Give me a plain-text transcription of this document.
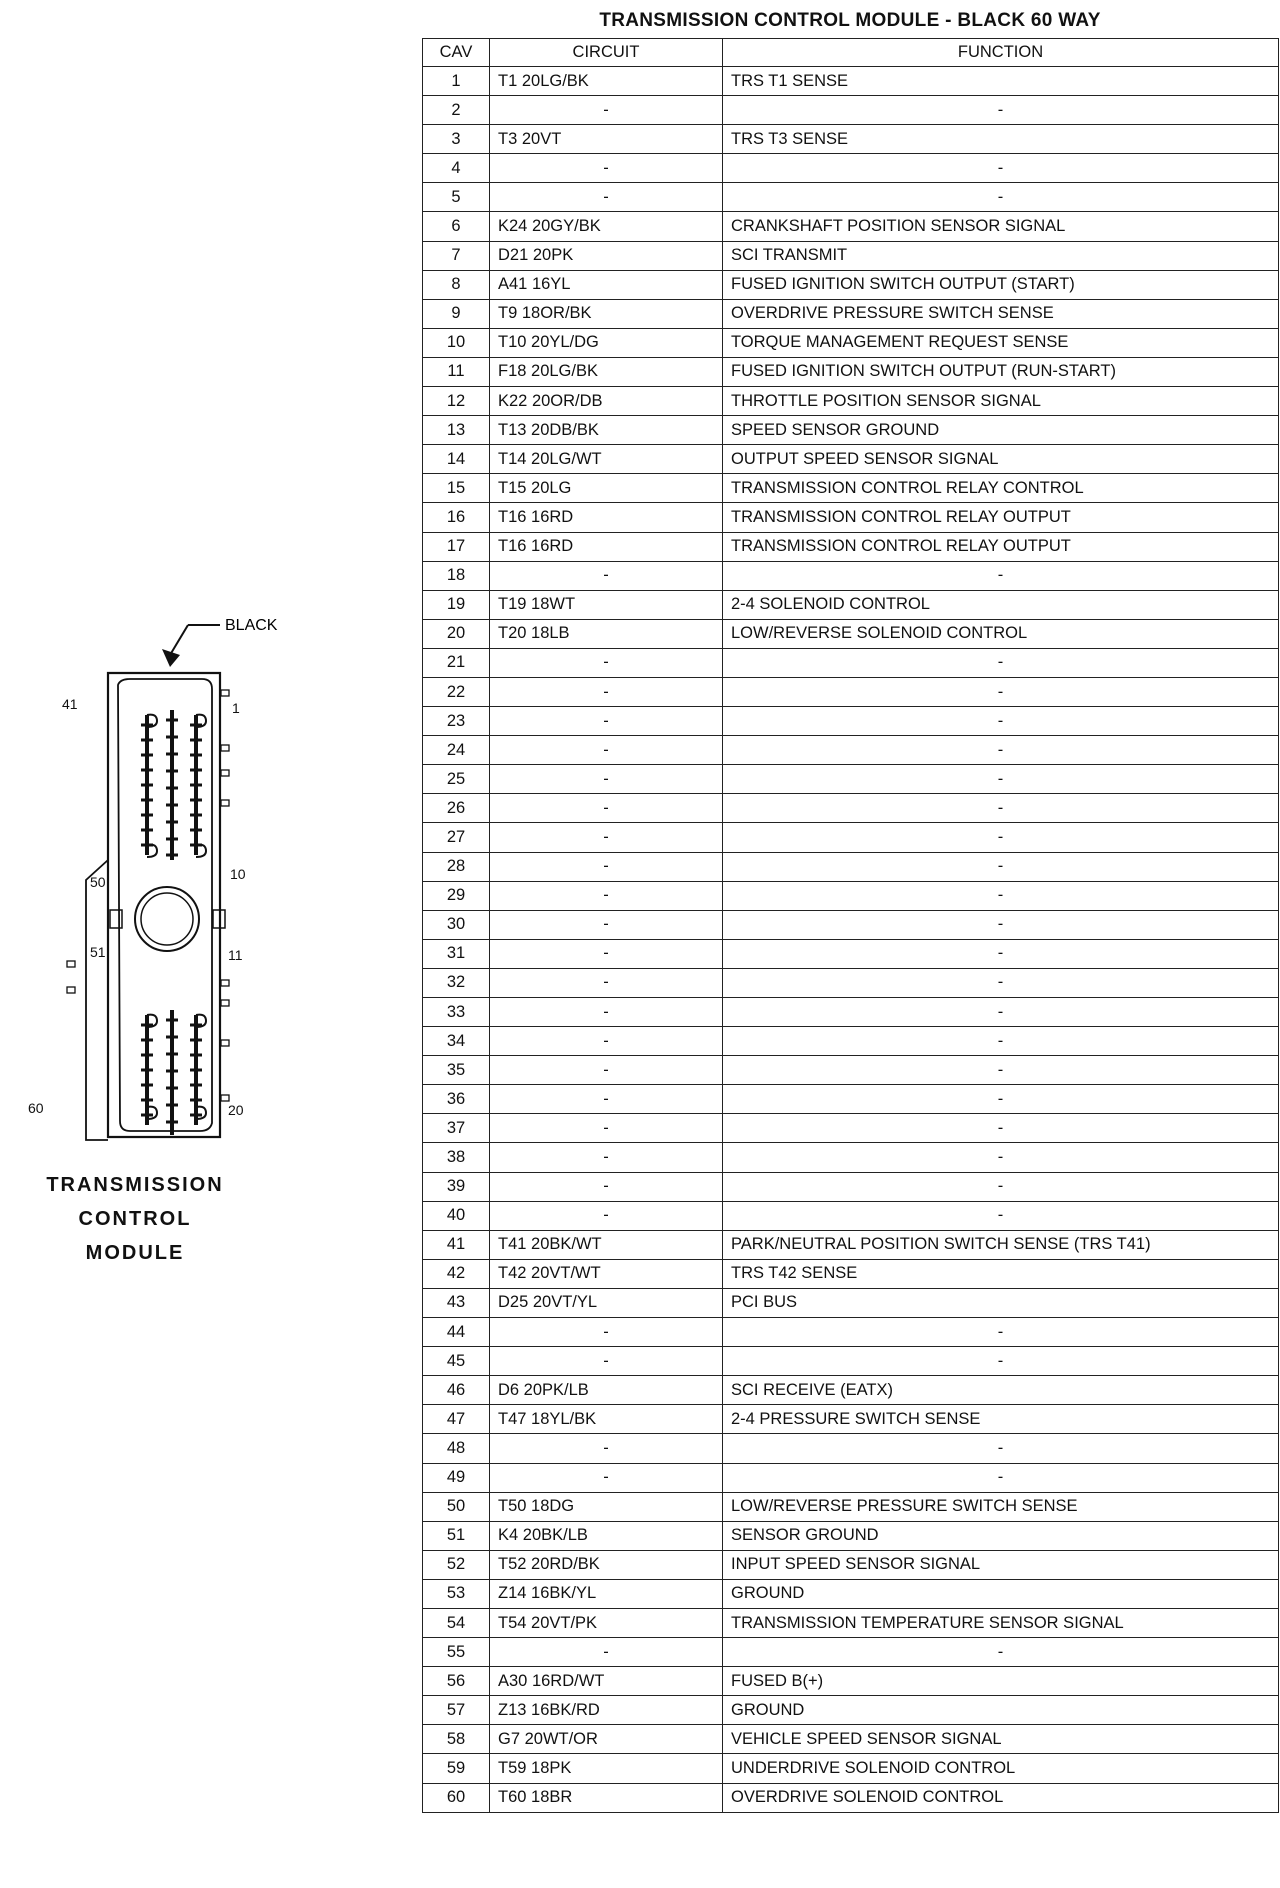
TRANSMISSION CONTROL MODULE - BLACK 60 WAY
CAV	CIRCUIT	FUNCTION
1	T1 20LG/BK	TRS T1 SENSE
2	-	-
3	T3 20VT	TRS T3 SENSE
4	-	-
5	-	-
6	K24 20GY/BK	CRANKSHAFT POSITION SENSOR SIGNAL
7	D21 20PK	SCI TRANSMIT
8	A41 16YL	FUSED IGNITION SWITCH OUTPUT (START)
9	T9 18OR/BK	OVERDRIVE PRESSURE SWITCH SENSE
10	T10 20YL/DG	TORQUE MANAGEMENT REQUEST SENSE
11	F18 20LG/BK	FUSED IGNITION SWITCH OUTPUT (RUN-START)
12	K22 20OR/DB	THROTTLE POSITION SENSOR SIGNAL
13	T13 20DB/BK	SPEED SENSOR GROUND
14	T14 20LG/WT	OUTPUT SPEED SENSOR SIGNAL
15	T15 20LG	TRANSMISSION CONTROL RELAY CONTROL
16	T16 16RD	TRANSMISSION CONTROL RELAY OUTPUT
17	T16 16RD	TRANSMISSION CONTROL RELAY OUTPUT
18	-	-
19	T19 18WT	2-4 SOLENOID CONTROL
20	T20 18LB	LOW/REVERSE SOLENOID CONTROL
21	-	-
22	-	-
23	-	-
24	-	-
25	-	-
26	-	-
27	-	-
28	-	-
29	-	-
30	-	-
31	-	-
32	-	-
33	-	-
34	-	-
35	-	-
36	-	-
37	-	-
38	-	-
39	-	-
40	-	-
41	T41 20BK/WT	PARK/NEUTRAL POSITION SWITCH SENSE (TRS T41)
42	T42 20VT/WT	TRS T42 SENSE
43	D25 20VT/YL	PCI BUS
44	-	-
45	-	-
46	D6 20PK/LB	SCI RECEIVE (EATX)
47	T47 18YL/BK	2-4 PRESSURE SWITCH SENSE
48	-	-
49	-	-
50	T50 18DG	LOW/REVERSE PRESSURE SWITCH SENSE
51	K4 20BK/LB	SENSOR GROUND
52	T52 20RD/BK	INPUT SPEED SENSOR SIGNAL
53	Z14 16BK/YL	GROUND
54	T54 20VT/PK	TRANSMISSION TEMPERATURE SENSOR SIGNAL
55	-	-
56	A30 16RD/WT	FUSED B(+)
57	Z13 16BK/RD	GROUND
58	G7 20WT/OR	VEHICLE SPEED SENSOR SIGNAL
59	T59 18PK	UNDERDRIVE SOLENOID CONTROL
60	T60 18BR	OVERDRIVE SOLENOID CONTROL
BLACK
41	1
50	10
51	11
60	20
TRANSMISSION
CONTROL
MODULE
